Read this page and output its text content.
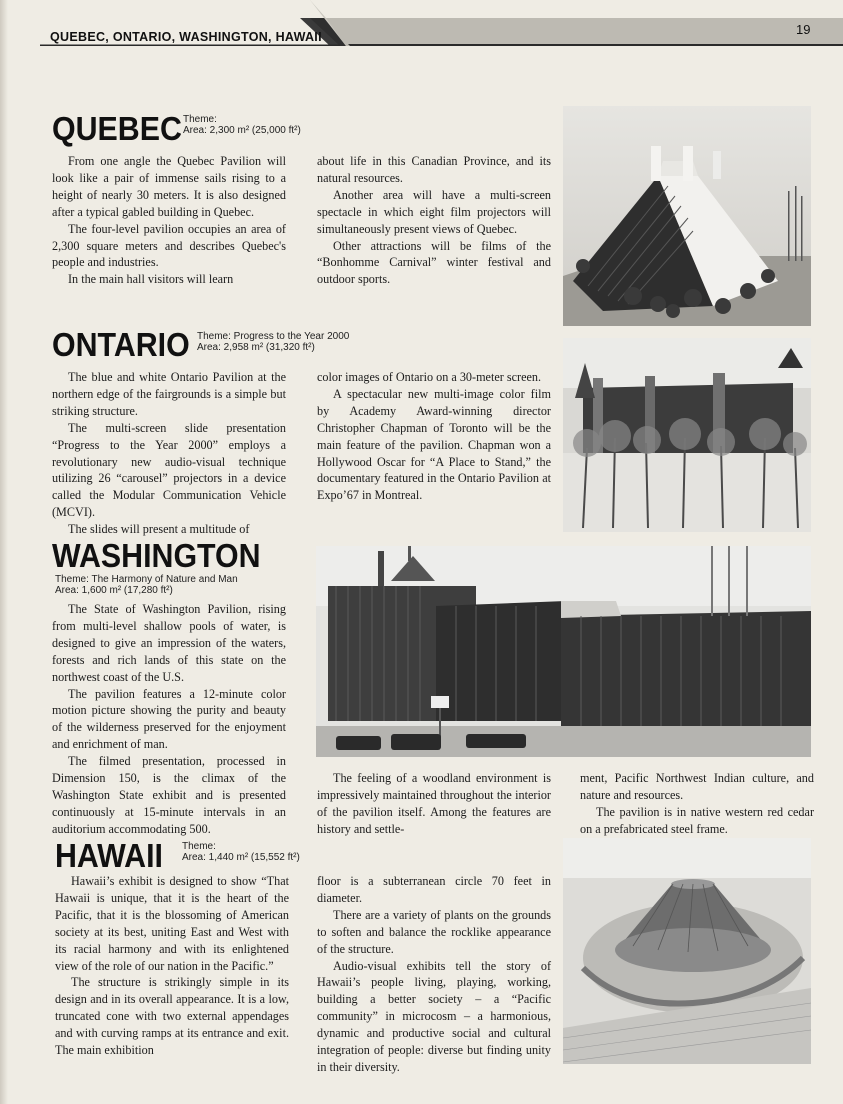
QUEBEC, ONTARIO, WASHINGTON, HAWAII	19
QUEBEC Theme:
Area: 2,300 m² (25,000 ft²)

From one angle the Quebec Pavilion will look like a pair of immense sails rising to a height of nearly 30 meters. It is also designed after a typical gabled building in Quebec.

The four-level pavilion occupies an area of 2,300 square meters and describes Quebec's people and industries.

In the main hall visitors will learn

about life in this Canadian Province, and its natural resources.

Another area will have a multi-screen spectacle in which eight film projectors will simultaneously present views of Quebec.

Other attractions will be films of the “Bonhomme Carnival” winter festival and outdoor sports.

ONTARIO Theme: Progress to the Year 2000
Area: 2,958 m² (31,320 ft²)

The blue and white Ontario Pavilion at the northern edge of the fairgrounds is a simple but striking structure.

The multi-screen slide presentation “Progress to the Year 2000” employs a revolutionary new audio-visual technique utilizing 26 “carousel” projectors in a device called the Modular Communication Vehicle (MCVI).

The slides will present a multitude of

color images of Ontario on a 30-meter screen.

A spectacular new multi-image color film by Academy Award-winning director Christopher Chapman of Toronto will be the main feature of the pavilion. Chapman won a Hollywood Oscar for “A Place to Stand,” the documentary featured in the Ontario Pavilion at Expo’67 in Montreal.

WASHINGTON
Theme: The Harmony of Nature and Man
Area: 1,600 m² (17,280 ft²)

The State of Washington Pavilion, rising from multi-level shallow pools of water, is designed to give an impression of the waters, forests and rich lands of this state on the northwest coast of the U.S.

The pavilion features a 12-minute color motion picture showing the purity and beauty of the wilderness preserved for the enjoyment and enrichment of man.

The filmed presentation, processed in Dimension 150, is the climax of the Washington State exhibit and is presented continuously at 15-minute intervals in an auditorium accommodating 500.

The feeling of a woodland environment is impressively maintained throughout the interior of the pavilion itself. Among the features are history and settle-

ment, Pacific Northwest Indian culture, and nature and resources.

The pavilion is in native western red cedar on a prefabricated steel frame.

HAWAII Theme:
Area: 1,440 m² (15,552 ft²)

Hawaii’s exhibit is designed to show “That Hawaii is unique, that it is the heart of the Pacific, that it is the blossoming of American society at its best, uniting East and West with its racial harmony and with its enlightened view of the role of our nation in the Pacific.”

The structure is strikingly simple in its design and in its overall appearance. It is a low, truncated cone with two external appendages and with curving ramps at its entrance and exit. The main exhibition

floor is a subterranean circle 70 feet in diameter.

There are a variety of plants on the grounds to soften and balance the rocklike appearance of the structure.

Audio-visual exhibits tell the story of Hawaii’s people living, playing, working, building a better society – a “Pacific community” in microcosm – a harmonious, dynamic and productive social and cultural integration of people: diverse but finding unity in their diversity.
